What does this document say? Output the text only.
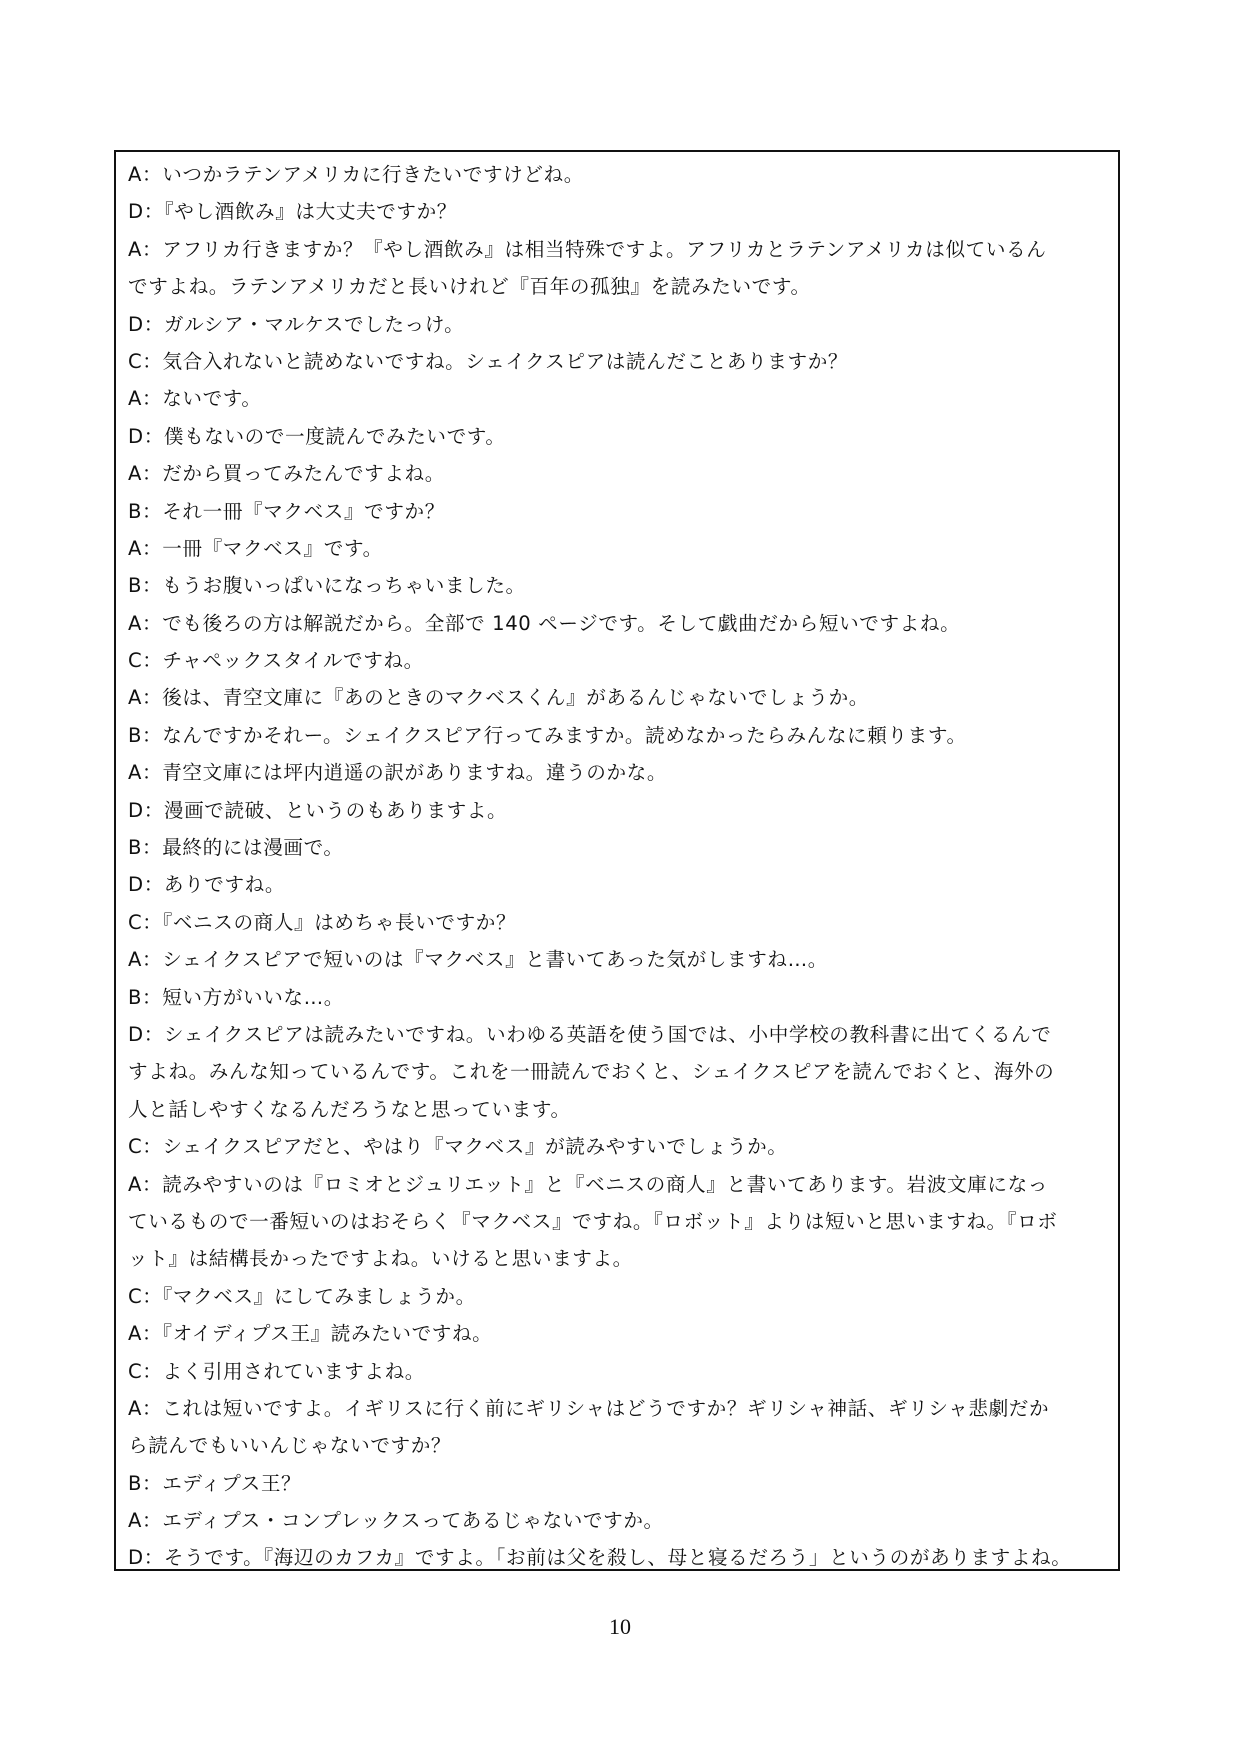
A：いつかラテンアメリカに行きたいですけどね。
D：『やし酒飲み』は大丈夫ですか？
A：アフリカ行きますか？『やし酒飲み』は相当特殊ですよ。アフリカとラテンアメリカは似ているん
ですよね。ラテンアメリカだと長いけれど『百年の孤独』を読みたいです。
D：ガルシア・マルケスでしたっけ。
C：気合入れないと読めないですね。シェイクスピアは読んだことありますか？
A：ないです。
D：僕もないので一度読んでみたいです。
A：だから買ってみたんですよね。
B：それ一冊『マクベス』ですか？
A：一冊『マクベス』です。
B：もうお腹いっぱいになっちゃいました。
A：でも後ろの方は解説だから。全部で 140 ページです。そして戯曲だから短いですよね。
C：チャペックスタイルですね。
A：後は、青空文庫に『あのときのマクベスくん』があるんじゃないでしょうか。
B：なんですかそれー。シェイクスピア行ってみますか。読めなかったらみんなに頼ります。
A：青空文庫には坪内逍遥の訳がありますね。違うのかな。
D：漫画で読破、というのもありますよ。
B：最終的には漫画で。
D：ありですね。
C：『ベニスの商人』はめちゃ長いですか？
A：シェイクスピアで短いのは『マクベス』と書いてあった気がしますね…。
B：短い方がいいな…。
D：シェイクスピアは読みたいですね。いわゆる英語を使う国では、小中学校の教科書に出てくるんで
すよね。みんな知っているんです。これを一冊読んでおくと、シェイクスピアを読んでおくと、海外の
人と話しやすくなるんだろうなと思っています。
C：シェイクスピアだと、やはり『マクベス』が読みやすいでしょうか。
A：読みやすいのは『ロミオとジュリエット』と『ベニスの商人』と書いてあります。岩波文庫になっ
ているもので一番短いのはおそらく『マクベス』ですね。『ロボット』よりは短いと思いますね。『ロボ
ット』は結構長かったですよね。いけると思いますよ。
C：『マクベス』にしてみましょうか。
A：『オイディプス王』読みたいですね。
C：よく引用されていますよね。
A：これは短いですよ。イギリスに行く前にギリシャはどうですか？ギリシャ神話、ギリシャ悲劇だか
ら読んでもいいんじゃないですか？
B：エディプス王？
A：エディプス・コンプレックスってあるじゃないですか。
D：そうです。『海辺のカフカ』ですよ。「お前は父を殺し、母と寝るだろう」というのがありますよね。
10
